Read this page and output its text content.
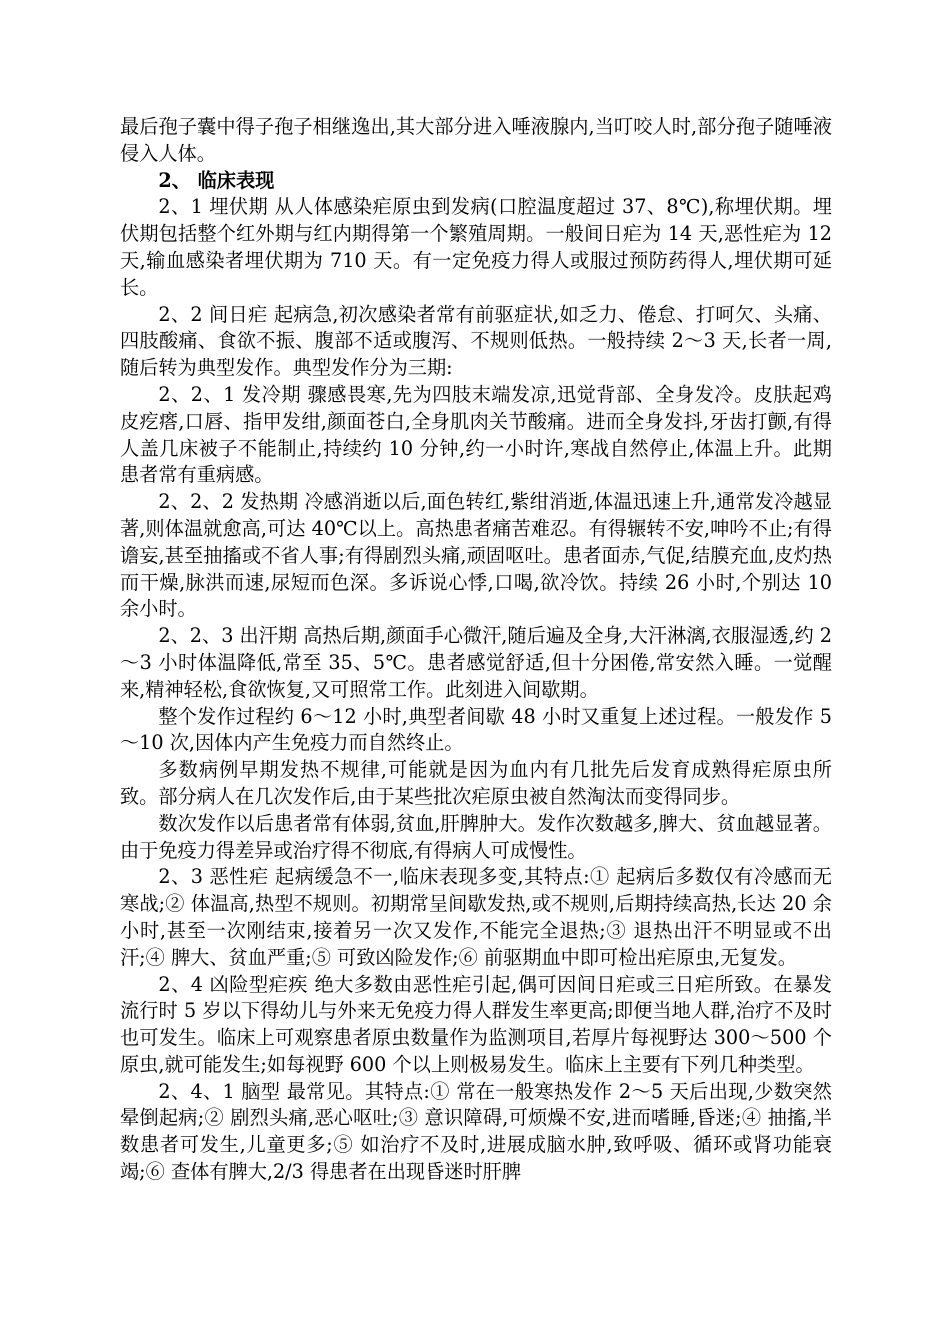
最后孢子囊中得子孢子相继逸出,其大部分进入唾液腺内,当叮咬人时,部分孢子随唾液侵入人体。

2、 临床表现

2、1 埋伏期 从人体感染疟原虫到发病(口腔温度超过 37、8℃),称埋伏期。埋伏期包括整个红外期与红内期得第一个繁殖周期。一般间日疟为 14 天,恶性疟为 12 天,输血感染者埋伏期为 710 天。有一定免疫力得人或服过预防药得人,埋伏期可延长。

2、2 间日疟 起病急,初次感染者常有前驱症状,如乏力、倦怠、打呵欠、头痛、四肢酸痛、食欲不振、腹部不适或腹泻、不规则低热。一般持续 2～3 天,长者一周,随后转为典型发作。典型发作分为三期:

2、2、1 发冷期 骤感畏寒,先为四肢末端发凉,迅觉背部、全身发冷。皮肤起鸡皮疙瘩,口唇、指甲发绀,颜面苍白,全身肌肉关节酸痛。进而全身发抖,牙齿打颤,有得人盖几床被子不能制止,持续约 10 分钟,约一小时许,寒战自然停止,体温上升。此期患者常有重病感。

2、2、2 发热期 冷感消逝以后,面色转红,紫绀消逝,体温迅速上升,通常发冷越显著,则体温就愈高,可达 40℃以上。高热患者痛苦难忍。有得辗转不安,呻吟不止;有得谵妄,甚至抽搐或不省人事;有得剧烈头痛,顽固呕吐。患者面赤,气促,结膜充血,皮灼热而干燥,脉洪而速,尿短而色深。多诉说心悸,口喝,欲冷饮。持续 26 小时,个别达 10 余小时。

2、2、3 出汗期 高热后期,颜面手心微汗,随后遍及全身,大汗淋漓,衣服湿透,约 2～3 小时体温降低,常至 35、5℃。患者感觉舒适,但十分困倦,常安然入睡。一觉醒来,精神轻松,食欲恢复,又可照常工作。此刻进入间歇期。

整个发作过程约 6～12 小时,典型者间歇 48 小时又重复上述过程。一般发作 5～10 次,因体内产生免疫力而自然终止。

多数病例早期发热不规律,可能就是因为血内有几批先后发育成熟得疟原虫所致。部分病人在几次发作后,由于某些批次疟原虫被自然淘汰而变得同步。

数次发作以后患者常有体弱,贫血,肝脾肿大。发作次数越多,脾大、贫血越显著。由于免疫力得差异或治疗得不彻底,有得病人可成慢性。

2、3 恶性疟 起病缓急不一,临床表现多变,其特点:① 起病后多数仅有冷感而无寒战;② 体温高,热型不规则。初期常呈间歇发热,或不规则,后期持续高热,长达 20 余小时,甚至一次刚结束,接着另一次又发作,不能完全退热;③ 退热出汗不明显或不出汗;④ 脾大、贫血严重;⑤ 可致凶险发作;⑥ 前驱期血中即可检出疟原虫,无复发。

2、4 凶险型疟疾 绝大多数由恶性疟引起,偶可因间日疟或三日疟所致。在暴发流行时 5 岁以下得幼儿与外来无免疫力得人群发生率更高;即便当地人群,治疗不及时也可发生。临床上可观察患者原虫数量作为监测项目,若厚片每视野达 300～500 个原虫,就可能发生;如每视野 600 个以上则极易发生。临床上主要有下列几种类型。

2、4、1 脑型 最常见。其特点:① 常在一般寒热发作 2～5 天后出现,少数突然晕倒起病;② 剧烈头痛,恶心呕吐;③ 意识障碍,可烦燥不安,进而嗜睡,昏迷;④ 抽搐,半数患者可发生,儿童更多;⑤ 如治疗不及时,进展成脑水肿,致呼吸、循环或肾功能衰竭;⑥ 查体有脾大,2/3 得患者在出现昏迷时肝脾
